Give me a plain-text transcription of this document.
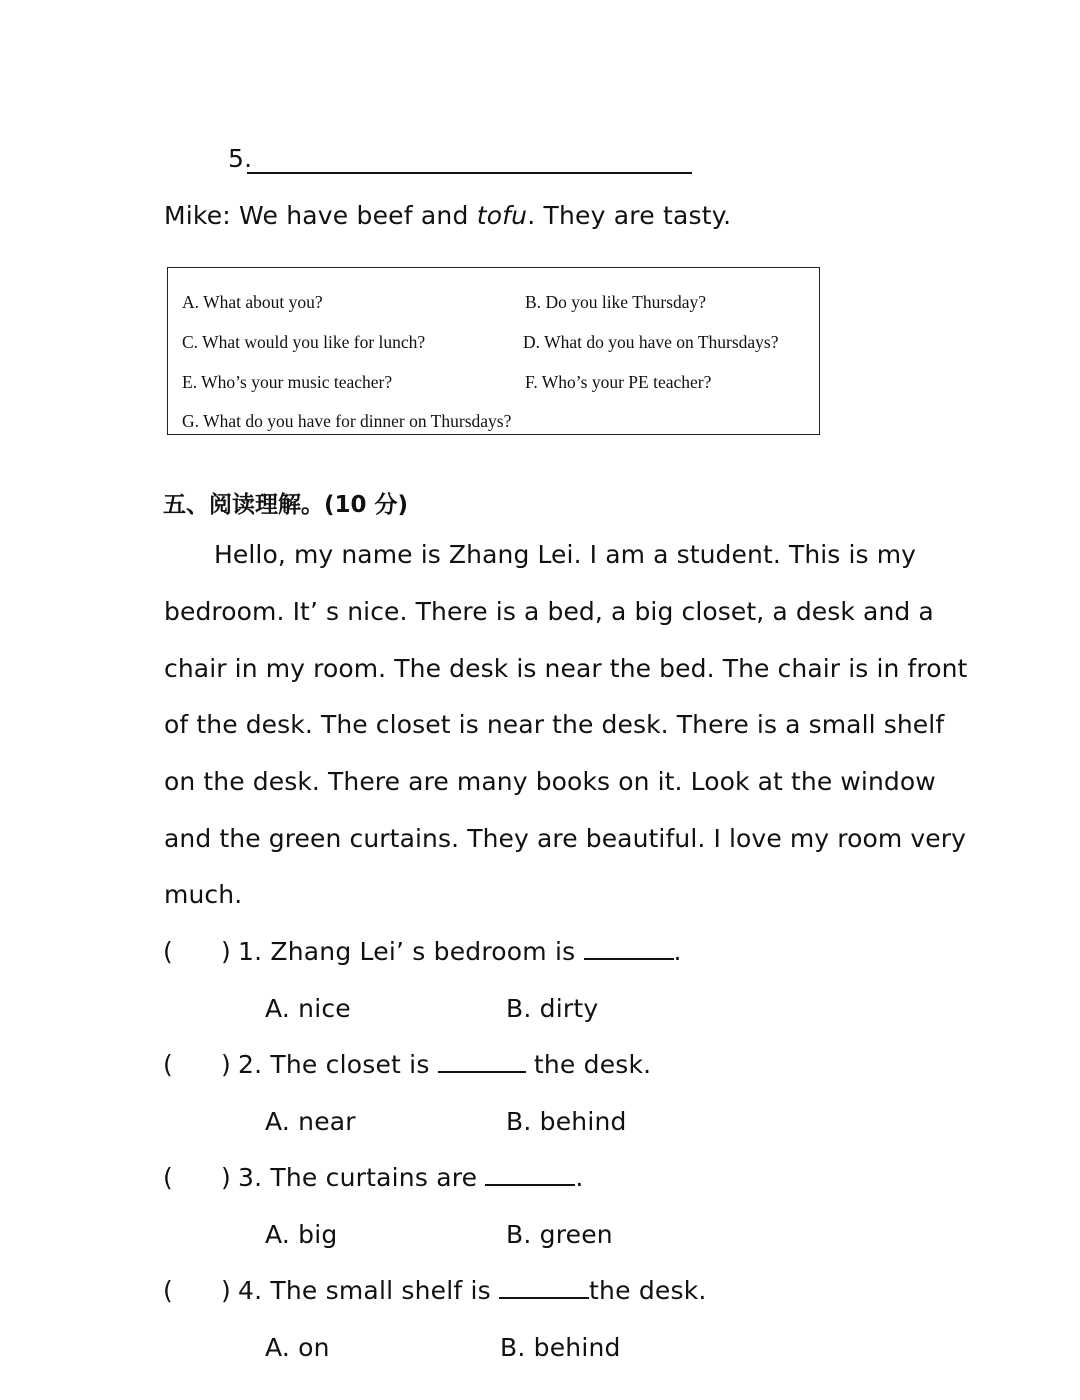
5.
Mike: We have beef and tofu. They are tasty.
A. What about you?	B. Do you like Thursday?
C. What would you like for lunch?	D. What do you have on Thursdays?
E. Who’s your music teacher?	F. Who’s your PE teacher?
G. What do you have for dinner on Thursdays?
五、阅读理解。(10 分)
Hello, my name is Zhang Lei. I am a student. This is my
bedroom. It’ s nice. There is a bed, a big closet, a desk and a
chair in my room. The desk is near the bed. The chair is in front
of the desk. The closet is near the desk. There is a small shelf
on the desk. There are many books on it. Look at the window
and the green curtains. They are beautiful. I love my room very
much.
( ) 1. Zhang Lei’ s bedroom is	.
A. nice	B. dirty
( ) 2. The closet is	the desk.
A. near	B. behind
( ) 3. The curtains are	.
A. big	B. green
( ) 4. The small shelf is	the desk.
A. on	B. behind
